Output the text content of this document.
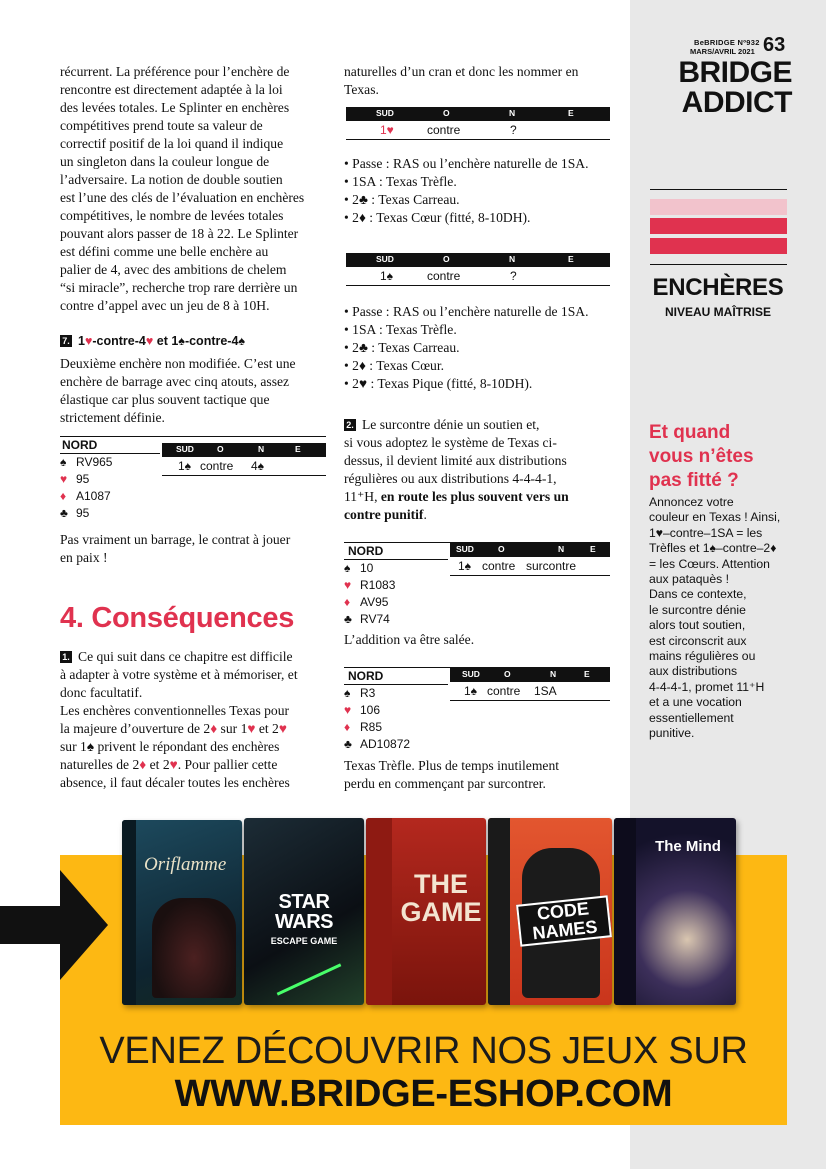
BeBRIDGE Nº932
MARS/AVRIL 2021 63
BRIDGE
ADDICT
ENCHÈRES
NIVEAU MAÎTRISE
Et quand
vous n’êtes
pas fitté ?
Annoncez votre
couleur en Texas ! Ainsi,
1♥–contre–1SA = les
Trèfles et 1♠–contre–2♦
= les Cœurs. Attention
aux pataquès !
Dans ce contexte,
le surcontre dénie
alors tout soutien,
est circonscrit aux
mains régulières ou
aux distributions
4-4-4-1, promet 11⁺H
et a une vocation
essentiellement
punitive.
récurrent. La préférence pour l’enchère de
rencontre est directement adaptée à la loi
des levées totales. Le Splinter en enchères
compétitives prend toute sa valeur de
correctif positif de la loi quand il indique
un singleton dans la couleur longue de
l’adversaire. La notion de double soutien
est l’une des clés de l’évaluation en enchères
compétitives, le nombre de levées totales
pouvant alors passer de 18 à 22. Le Splinter
est défini comme une belle enchère au
palier de 4, avec des ambitions de chelem
“si miracle”, recherche trop rare derrière un
contre d’appel avec un jeu de 8 à 10H.
7. 1♥-contre-4♥ et 1♠-contre-4♠
Deuxième enchère non modifiée. C’est une
enchère de barrage avec cinq atouts, assez
élastique car plus souvent tactique que
strictement définie.
NORD
♠ RV965
♥ 95
♦ A1087
♣ 95
SUD	O	N	E
1♠ contre 4♠
Pas vraiment un barrage, le contrat à jouer
en paix !
4. Conséquences
1. Ce qui suit dans ce chapitre est difficile
à adapter à votre système et à mémoriser, et
donc facultatif.
Les enchères conventionnelles Texas pour
la majeure d’ouverture de 2♦ sur 1♥ et 2♥
sur 1♠ privent le répondant des enchères
naturelles de 2♦ et 2♥. Pour pallier cette
absence, il faut décaler toutes les enchères
naturelles d’un cran et donc les nommer en
Texas.
SUD	O	N	E
1♥	contre	?
• Passe : RAS ou l’enchère naturelle de 1SA.
• 1SA : Texas Trèfle.
• 2♣ : Texas Carreau.
• 2♦ : Texas Cœur (fitté, 8-10DH).
SUD	O	N	E
1♠	contre	?
• Passe : RAS ou l’enchère naturelle de 1SA.
• 1SA : Texas Trèfle.
• 2♣ : Texas Carreau.
• 2♦ : Texas Cœur.
• 2♥ : Texas Pique (fitté, 8-10DH).
2. Le surcontre dénie un soutien et,
si vous adoptez le système de Texas ci-
dessus, il devient limité aux distributions
régulières ou aux distributions 4-4-4-1,
11⁺H, en route les plus souvent vers un
contre punitif.
NORD
♠ 10
♥ R1083
♦ AV95
♣ RV74
SUD	O	N	E
1♠ contre surcontre
L’addition va être salée.
NORD
♠ R3
♥ 106
♦ R85
♣ AD10872
SUD	O	N	E
1♠ contre 1SA
Texas Trèfle. Plus de temps inutilement
perdu en commençant par surcontrer.
Oriflamme
STAR WARS
ESCAPE GAME
THE GAME	CODE NAMES
The Mind
VENEZ DÉCOUVRIR NOS JEUX SUR
WWW.BRIDGE-ESHOP.COM
